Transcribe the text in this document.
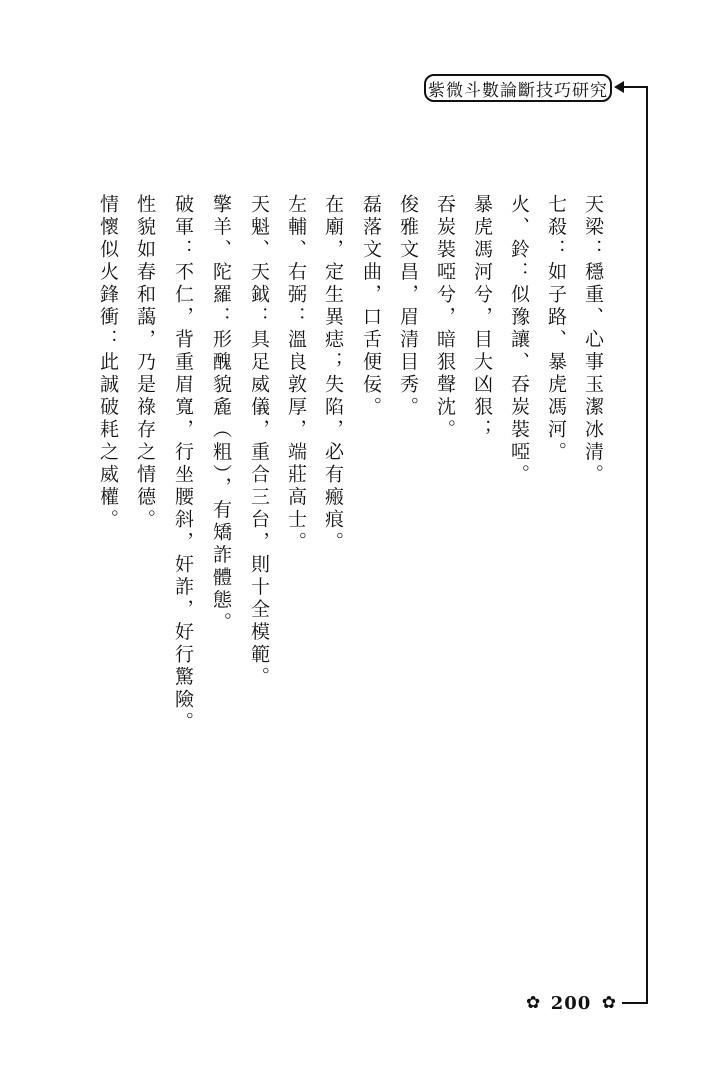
紫微斗數論斷技巧研究
天梁：穩重、心事玉潔冰清。
七殺：如子路、暴虎馮河。
火、鈴：似豫讓、吞炭裝啞。
暴虎馮河兮，目大凶狠；
吞炭裝啞兮，暗狠聲沈。
俊雅文昌，眉清目秀。
磊落文曲，口舌便佞。
在廟，定生異痣；失陷，必有瘢痕。
左輔、右弼：溫良敦厚，端莊高士。
天魁、天鉞：具足威儀，重合三台，則十全模範。
擎羊、陀羅：形醜貌麁（粗），有矯詐體態。
破軍：不仁，背重眉寬，行坐腰斜，奸詐，好行驚險。
性貌如春和藹，乃是祿存之情德。
情懷似火鋒衝：此誠破耗之威權。
✿ 200 ✿
